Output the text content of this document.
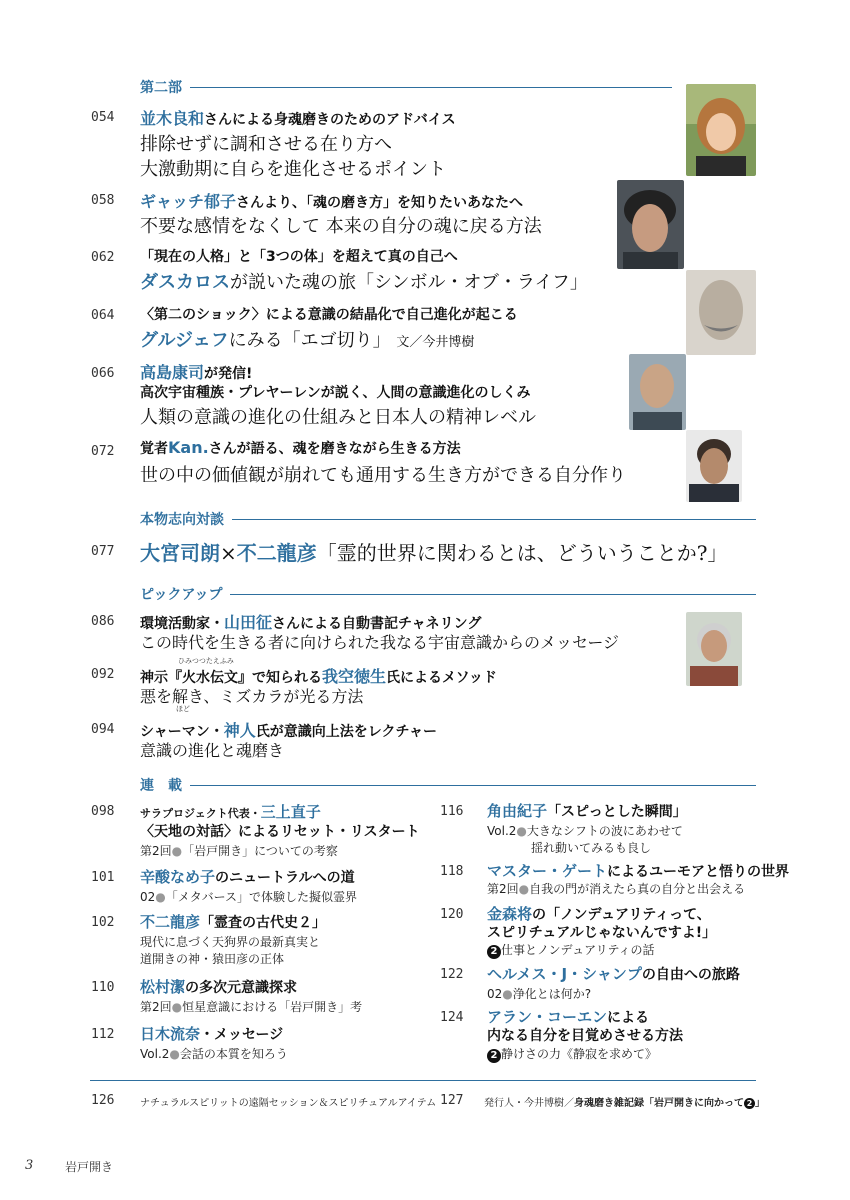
第二部
054 並木良和さんによる身魂磨きのためのアドバイス
排除せずに調和させる在り方へ
大激動期に自らを進化させるポイント
058 ギャッチ郁子さんより、「魂の磨き方」を知りたいあなたへ
不要な感情をなくして 本来の自分の魂に戻る方法
062 「現在の人格」と「3つの体」を超えて真の自己へ
ダスカロスが説いた魂の旅「シンボル・オブ・ライフ」
064 〈第二のショック〉による意識の結晶化で自己進化が起こる
グルジェフにみる「エゴ切り」 文／今井博樹
066 高島康司が発信!
高次宇宙種族・プレヤーレンが説く、人間の意識進化のしくみ
人類の意識の進化の仕組みと日本人の精神レベル
072 覚者Kan.さんが語る、魂を磨きながら生きる方法
世の中の価値観が崩れても通用する生き方ができる自分作り
本物志向対談
077 大宮司朗×不二龍彦「霊的世界に関わるとは、どういうことか?」
ピックアップ
086 環境活動家・山田征さんによる自動書記チャネリング
この時代を生きる者に向けられた我なる宇宙意識からのメッセージ
092
ひみつつたえふみ
神示『火水伝文』で知られる我空徳生氏によるメソッド
悪を解き、ミズカラが光る方法
ほど
094 シャーマン・神人氏が意識向上法をレクチャー
意識の進化と魂磨き
連　載
098 サラプロジェクト代表・三上直子
〈天地の対話〉によるリセット・リスタート
第2回●「岩戸開き」についての考察
101 辛酸なめ子のニュートラルへの道
02●「メタバース」で体験した擬似霊界
102 不二龍彦「霊査の古代史２」
現代に息づく天狗界の最新真実と
道開きの神・猿田彦の正体
110 松村潔の多次元意識探求
第2回●恒星意識における「岩戸開き」考
112 日木流奈・メッセージ
Vol.2●会話の本質を知ろう
116 角由紀子「スピっとした瞬間」
Vol.2●大きなシフトの波にあわせて
揺れ動いてみるも良し
118 マスター・ゲートによるユーモアと悟りの世界
第2回●自我の門が消えたら真の自分と出会える
120 金森将の「ノンデュアリティって、
スピリチュアルじゃないんですよ!」
2 仕事とノンデュアリティの話
122 ヘルメス・J・シャンプの自由への旅路
02●浄化とは何か?
124 アラン・コーエンによる
内なる自分を目覚めさせる方法
2 静けさの力《静寂を求めて》
126	ナチュラルスピリットの遠隔セッション＆スピリチュアルアイテム 127 発行人・今井博樹／身魂磨き雑記録「岩戸開きに向かって 2 」
3	岩戸開き
